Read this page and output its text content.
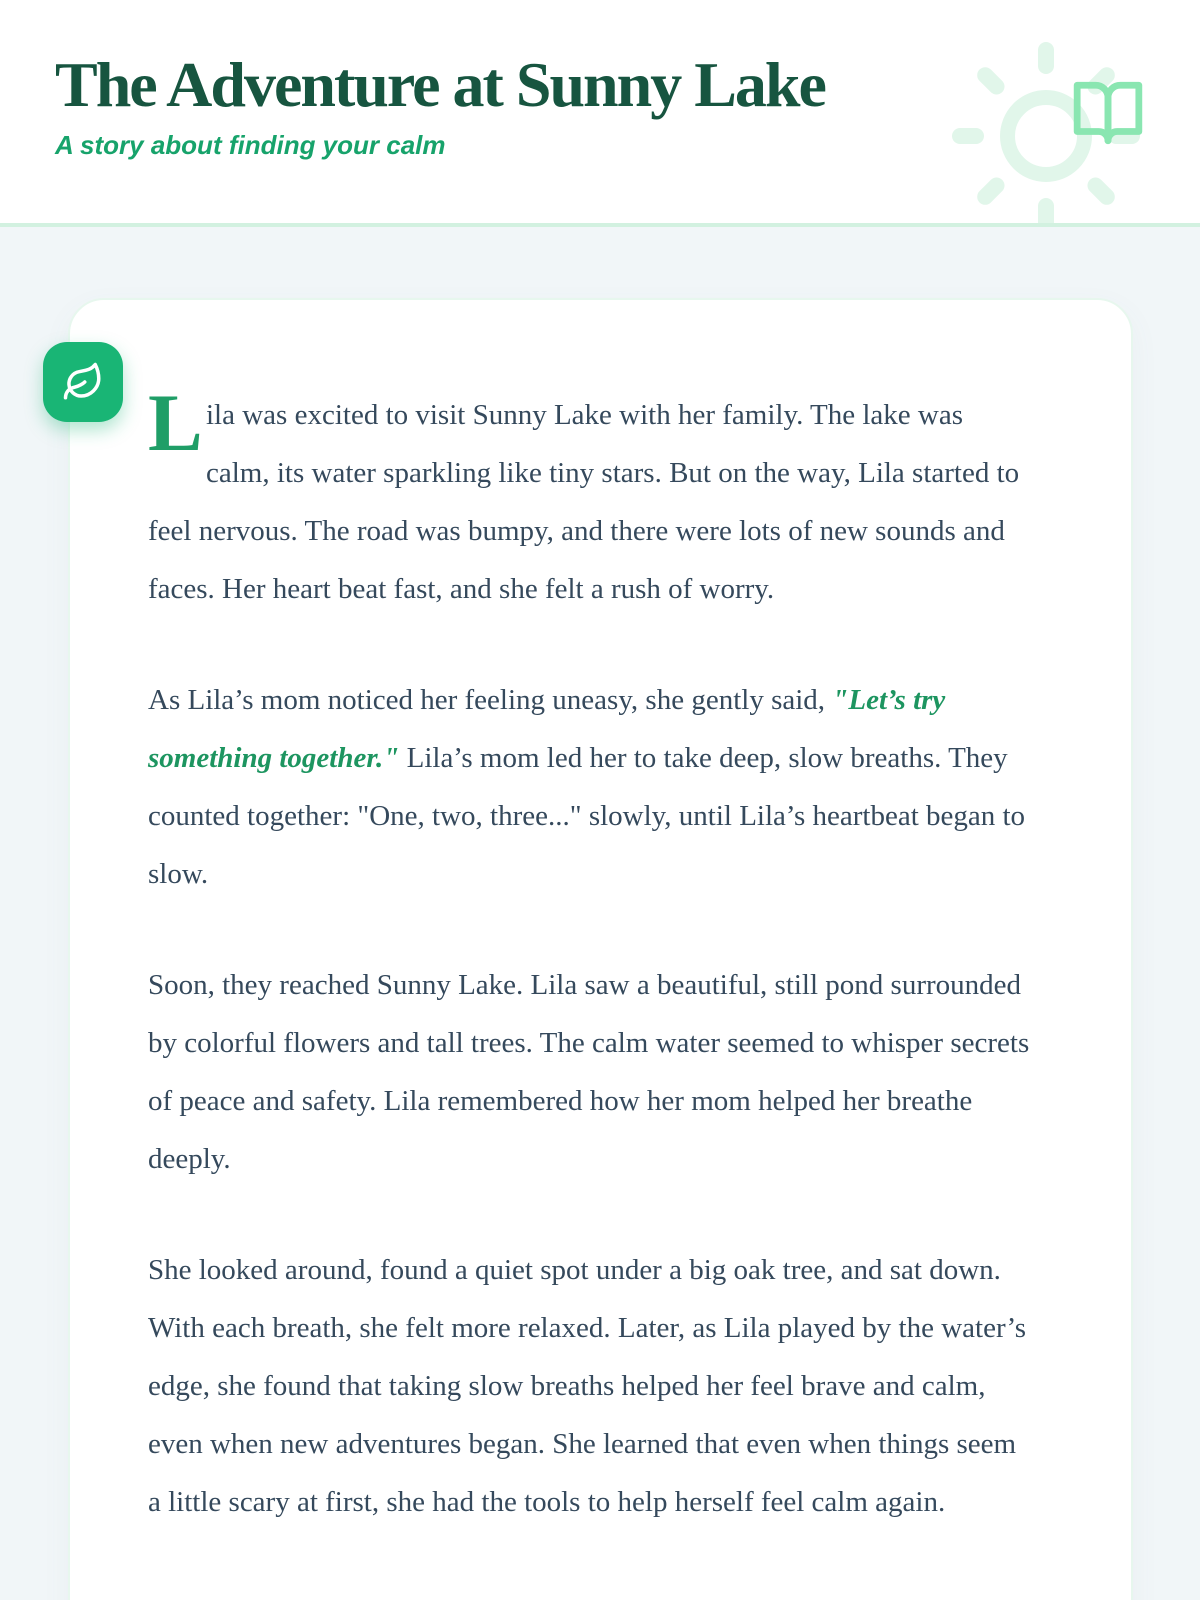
The Adventure at Sunny Lake
A story about finding your calm

Lila was excited to visit Sunny Lake with her family. The lake was calm, its water sparkling like tiny stars. But on the way, Lila started to feel nervous. The road was bumpy, and there were lots of new sounds and faces. Her heart beat fast, and she felt a rush of worry.

As Lila’s mom noticed her feeling uneasy, she gently said, "Let’s try something together." Lila’s mom led her to take deep, slow breaths. They counted together: "One, two, three..." slowly, until Lila’s heartbeat began to slow.

Soon, they reached Sunny Lake. Lila saw a beautiful, still pond surrounded by colorful flowers and tall trees. The calm water seemed to whisper secrets of peace and safety. Lila remembered how her mom helped her breathe deeply.

She looked around, found a quiet spot under a big oak tree, and sat down. With each breath, she felt more relaxed. Later, as Lila played by the water’s edge, she found that taking slow breaths helped her feel brave and calm, even when new adventures began. She learned that even when things seem a little scary at first, she had the tools to help herself feel calm again.
